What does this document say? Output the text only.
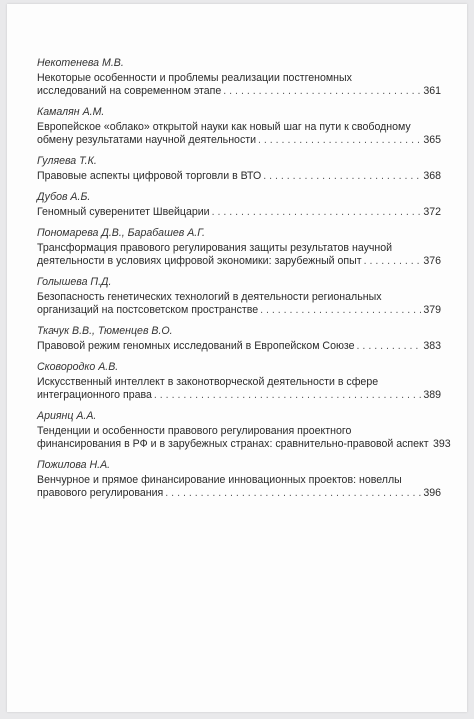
Некотенева М.В.
Некоторые особенности и проблемы реализации постгеномных
исследований на современном этапе . . .	361
Камалян А.М.
Европейское «облако» открытой науки как новый шаг на пути к свободному
обмену результатами научной деятельности . . .	365
Гуляева Т.К.
Правовые аспекты цифровой торговли в ВТО . . .	368
Дубов А.Б.
Геномный суверенитет Швейцарии . . .	372
Пономарева Д.В., Барабашев А.Г.
Трансформация правового регулирования защиты результатов научной
деятельности в условиях цифровой экономики: зарубежный опыт . . .	376
Голышева П.Д.
Безопасность генетических технологий в деятельности региональных
организаций на постсоветском пространстве . . .	379
Ткачук В.В., Тюменцев В.О.
Правовой режим геномных исследований в Европейском Союзе . . .	383
Сковородко А.В.
Искусственный интеллект в законотворческой деятельности в сфере
интеграционного права . . .	389
Ариянц А.А.
Тенденции и особенности правового регулирования проектного
финансирования в РФ и в зарубежных странах: сравнительно-правовой аспект 393
Пожилова Н.А.
Венчурное и прямое финансирование инновационных проектов: новеллы
правового регулирования . . .	396
